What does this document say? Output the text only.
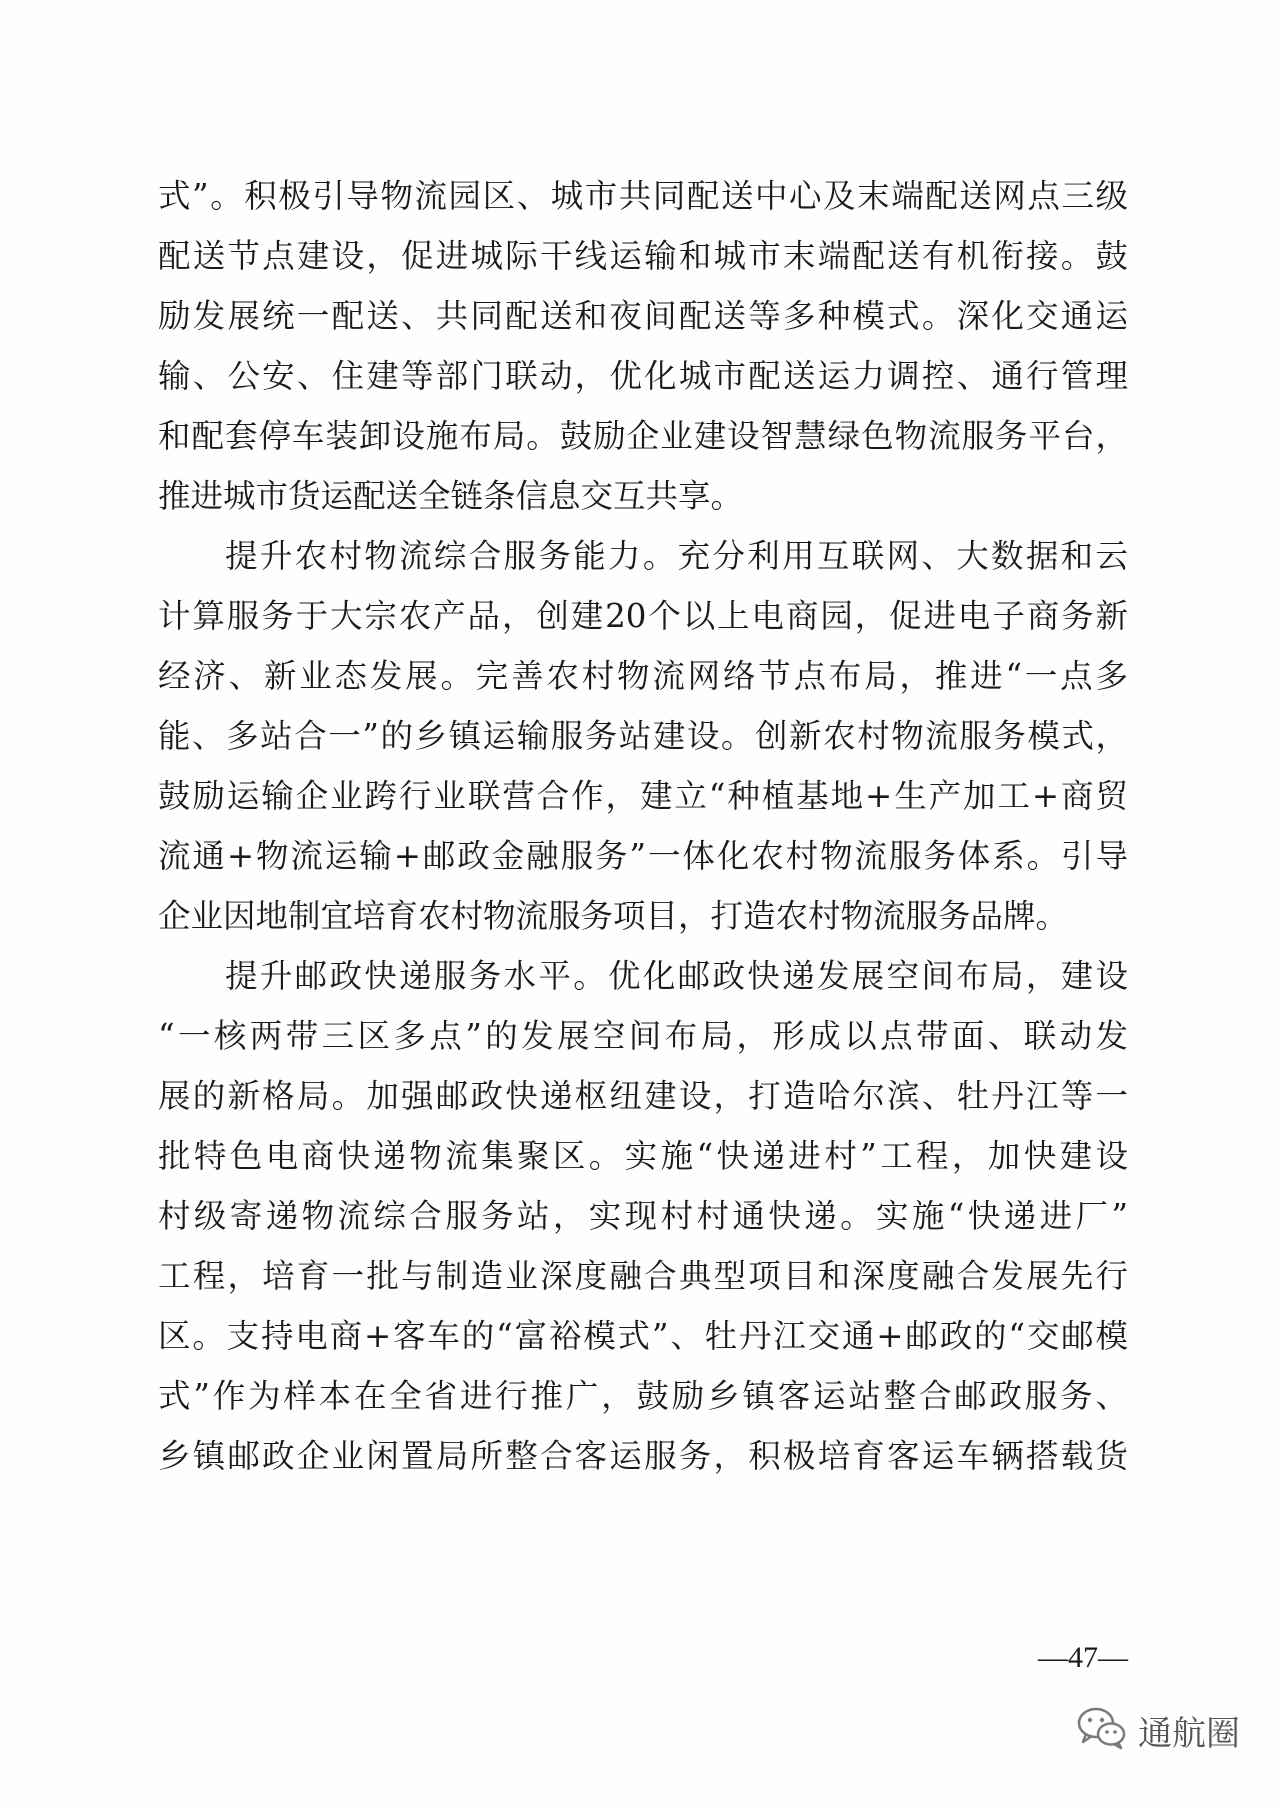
式”。积极引导物流园区、城市共同配送中心及末端配送网点三级
配送节点建设，促进城际干线运输和城市末端配送有机衔接。鼓
励发展统一配送、共同配送和夜间配送等多种模式。深化交通运
输、公安、住建等部门联动，优化城市配送运力调控、通行管理
和配套停车装卸设施布局。鼓励企业建设智慧绿色物流服务平台，
推进城市货运配送全链条信息交互共享。
提升农村物流综合服务能力。充分利用互联网、大数据和云
计算服务于大宗农产品，创建20个以上电商园，促进电子商务新
经济、新业态发展。完善农村物流网络节点布局，推进“一点多
能、多站合一”的乡镇运输服务站建设。创新农村物流服务模式，
鼓励运输企业跨行业联营合作，建立“种植基地+生产加工+商贸
流通+物流运输+邮政金融服务”一体化农村物流服务体系。引导
企业因地制宜培育农村物流服务项目，打造农村物流服务品牌。
提升邮政快递服务水平。优化邮政快递发展空间布局，建设
“一核两带三区多点”的发展空间布局，形成以点带面、联动发
展的新格局。加强邮政快递枢纽建设，打造哈尔滨、牡丹江等一
批特色电商快递物流集聚区。实施“快递进村”工程，加快建设
村级寄递物流综合服务站，实现村村通快递。实施“快递进厂”
工程，培育一批与制造业深度融合典型项目和深度融合发展先行
区。支持电商+客车的“富裕模式”、牡丹江交通+邮政的“交邮模
式”作为样本在全省进行推广，鼓励乡镇客运站整合邮政服务、
乡镇邮政企业闲置局所整合客运服务，积极培育客运车辆搭载货
—47—
通航圈
